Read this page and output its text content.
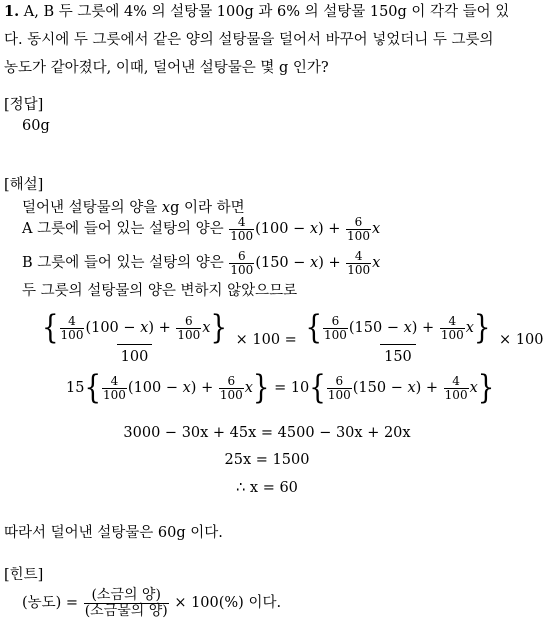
1. A, B 두 그릇에 4% 의 설탕물 100g 과 6% 의 설탕물 150g 이 각각 들어 있
다. 동시에 두 그릇에서 같은 양의 설탕물을 덜어서 바꾸어 넣었더니 두 그릇의
농도가 같아졌다, 이때, 덜어낸 설탕물은 몇 g 인가?
[정답]
60g
[해설]
덜어낸 설탕물의 양을 xg 이라 하면
A 그릇에 들어 있는 설탕의 양은 $\frac{4}{100} (100 - x) + \frac{6}{100}$ x
B 그릇에 들어 있는 설탕의 양은 $\frac{6}{100} (150 - x) + \frac{4}{100}$ x
두 그릇의 설탕물의 양은 변하지 않았으므로
$\frac{\{ \frac{4}{100} (100 - x) + \frac{6}{100} x\}}{100} \times 100 = \frac{\{ \frac{6}{100} (150 - x) + \frac{4}{100} x\}}{150} \times 100$
$15\{ \frac{4}{100} (100 - x) + \frac{6}{100} x\} = 10\{ \frac{6}{100} (150 - x) + \frac{4}{100} x\}$
3000 − 30x + 45x = 4500 − 30x + 20x
25x = 1500
∴ x = 60
따라서 덜어낸 설탕물은 60g 이다.
[힌트]
(농도) = $\frac{\text{(소금의 양)}}{\text{(소금물의 양)}} \times 100(\%)$ 이다.
